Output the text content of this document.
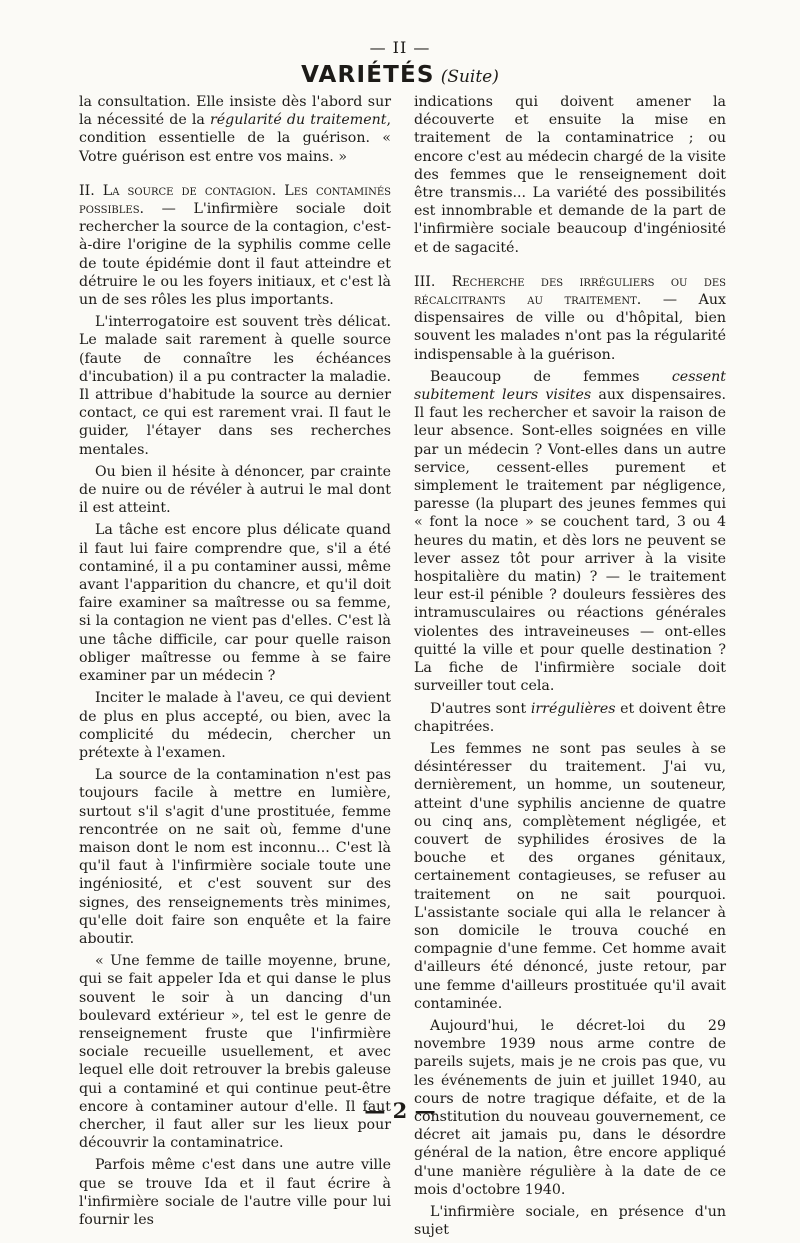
— II —
VARIÉTÉS (Suite)

la consultation. Elle insiste dès l'abord sur la nécessité de la régularité du traitement, condition essentielle de la guérison. « Votre guérison est entre vos mains. »

II. La source de contagion. Les contaminés possibles. — L'infirmière sociale doit rechercher la source de la contagion, c'est-à-dire l'origine de la syphilis comme celle de toute épidémie dont il faut atteindre et détruire le ou les foyers initiaux, et c'est là un de ses rôles les plus importants.

L'interrogatoire est souvent très délicat. Le malade sait rarement à quelle source (faute de connaître les échéances d'incubation) il a pu contracter la maladie. Il attribue d'habitude la source au dernier contact, ce qui est rarement vrai. Il faut le guider, l'étayer dans ses recherches mentales.

Ou bien il hésite à dénoncer, par crainte de nuire ou de révéler à autrui le mal dont il est atteint.

La tâche est encore plus délicate quand il faut lui faire comprendre que, s'il a été contaminé, il a pu contaminer aussi, même avant l'apparition du chancre, et qu'il doit faire examiner sa maîtresse ou sa femme, si la contagion ne vient pas d'elles. C'est là une tâche difficile, car pour quelle raison obliger maîtresse ou femme à se faire examiner par un médecin ?

Inciter le malade à l'aveu, ce qui devient de plus en plus accepté, ou bien, avec la complicité du médecin, chercher un prétexte à l'examen.

La source de la contamination n'est pas toujours facile à mettre en lumière, surtout s'il s'agit d'une prostituée, femme rencontrée on ne sait où, femme d'une maison dont le nom est inconnu... C'est là qu'il faut à l'infirmière sociale toute une ingéniosité, et c'est souvent sur des signes, des renseignements très minimes, qu'elle doit faire son enquête et la faire aboutir.

« Une femme de taille moyenne, brune, qui se fait appeler Ida et qui danse le plus souvent le soir à un dancing d'un boulevard extérieur », tel est le genre de renseignement fruste que l'infirmière sociale recueille usuellement, et avec lequel elle doit retrouver la brebis galeuse qui a contaminé et qui continue peut-être encore à contaminer autour d'elle. Il faut chercher, il faut aller sur les lieux pour découvrir la contaminatrice.

Parfois même c'est dans une autre ville que se trouve Ida et il faut écrire à l'infirmière sociale de l'autre ville pour lui fournir les

indications qui doivent amener la découverte et ensuite la mise en traitement de la contaminatrice ; ou encore c'est au médecin chargé de la visite des femmes que le renseignement doit être transmis... La variété des possibilités est innombrable et demande de la part de l'infirmière sociale beaucoup d'ingéniosité et de sagacité.

III. Recherche des irréguliers ou des récalcitrants au traitement. — Aux dispensaires de ville ou d'hôpital, bien souvent les malades n'ont pas la régularité indispensable à la guérison.

Beaucoup de femmes cessent subitement leurs visites aux dispensaires. Il faut les rechercher et savoir la raison de leur absence. Sont-elles soignées en ville par un médecin ? Vont-elles dans un autre service, cessent-elles purement et simplement le traitement par négligence, paresse (la plupart des jeunes femmes qui « font la noce » se couchent tard, 3 ou 4 heures du matin, et dès lors ne peuvent se lever assez tôt pour arriver à la visite hospitalière du matin) ? — le traitement leur est-il pénible ? douleurs fessières des intramusculaires ou réactions générales violentes des intraveineuses — ont-elles quitté la ville et pour quelle destination ? La fiche de l'infirmière sociale doit surveiller tout cela.

D'autres sont irrégulières et doivent être chapitrées.

Les femmes ne sont pas seules à se désintéresser du traitement. J'ai vu, dernièrement, un homme, un souteneur, atteint d'une syphilis ancienne de quatre ou cinq ans, complètement négligée, et couvert de syphilides érosives de la bouche et des organes génitaux, certainement contagieuses, se refuser au traitement on ne sait pourquoi. L'assistante sociale qui alla le relancer à son domicile le trouva couché en compagnie d'une femme. Cet homme avait d'ailleurs été dénoncé, juste retour, par une femme d'ailleurs prostituée qu'il avait contaminée.

Aujourd'hui, le décret-loi du 29 novembre 1939 nous arme contre de pareils sujets, mais je ne crois pas que, vu les événements de juin et juillet 1940, au cours de notre tragique défaite, et de la constitution du nouveau gouvernement, ce décret ait jamais pu, dans le désordre général de la nation, être encore appliqué d'une manière régulière à la date de ce mois d'octobre 1940.

L'infirmière sociale, en présence d'un sujet

— 2 —
